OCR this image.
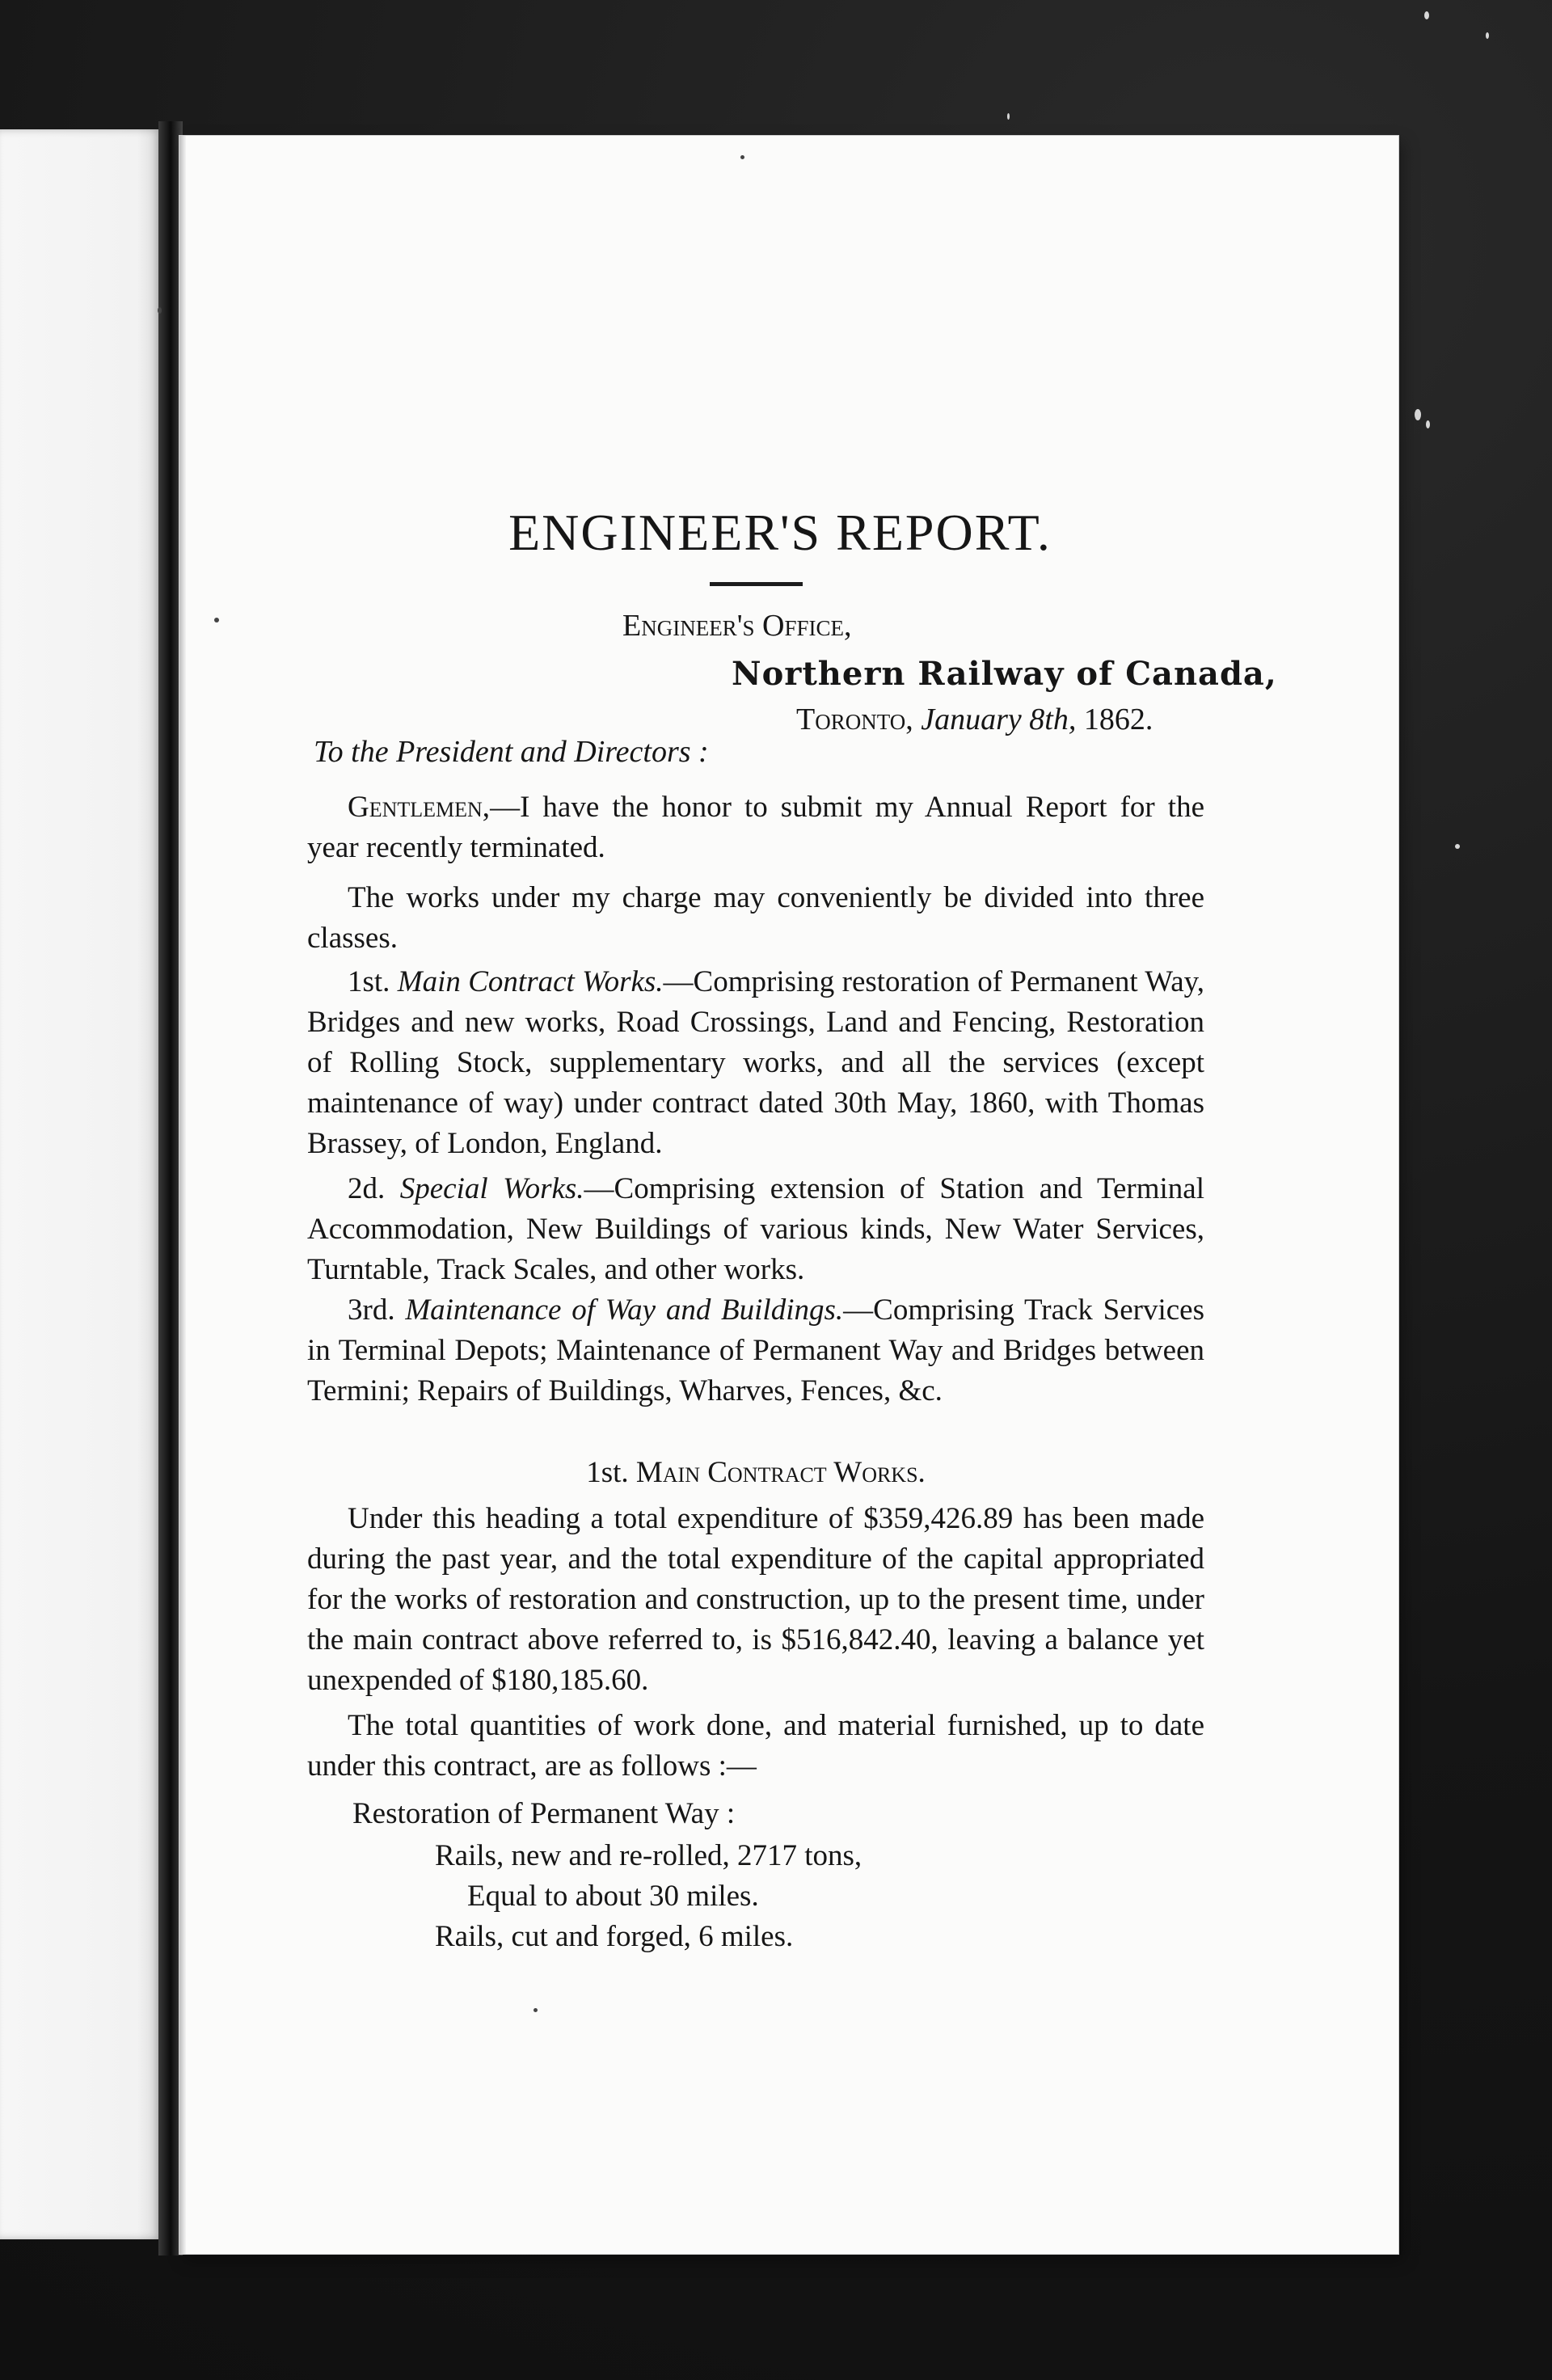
ENGINEER'S REPORT.
Engineer's Office,
Northern Railway of Canada,
Toronto, January 8th, 1862.
To the President and Directors :

Gentlemen,—I have the honor to submit my Annual Report for the year recently terminated.

The works under my charge may conveniently be divided into three classes.

1st. Main Contract Works.—Comprising restoration of Permanent Way, Bridges and new works, Road Crossings, Land and Fencing, Restoration of Rolling Stock, supplementary works, and all the services (except maintenance of way) under contract dated 30th May, 1860, with Thomas Brassey, of London, England.

2d. Special Works.—Comprising extension of Station and Terminal Accommodation, New Buildings of various kinds, New Water Services, Turntable, Track Scales, and other works.

3rd. Maintenance of Way and Buildings.—Comprising Track Services in Terminal Depots; Maintenance of Permanent Way and Bridges between Termini; Repairs of Buildings, Wharves, Fences, &c.

1st. Main Contract Works.

Under this heading a total expenditure of $359,426.89 has been made during the past year, and the total expenditure of the capital appropriated for the works of restoration and construction, up to the present time, under the main contract above referred to, is $516,842.40, leaving a balance yet unexpended of $180,185.60.

The total quantities of work done, and material furnished, up to date under this contract, are as follows :—

Restoration of Permanent Way :
Rails, new and re-rolled, 2717 tons,
Equal to about 30 miles.
Rails, cut and forged, 6 miles.
